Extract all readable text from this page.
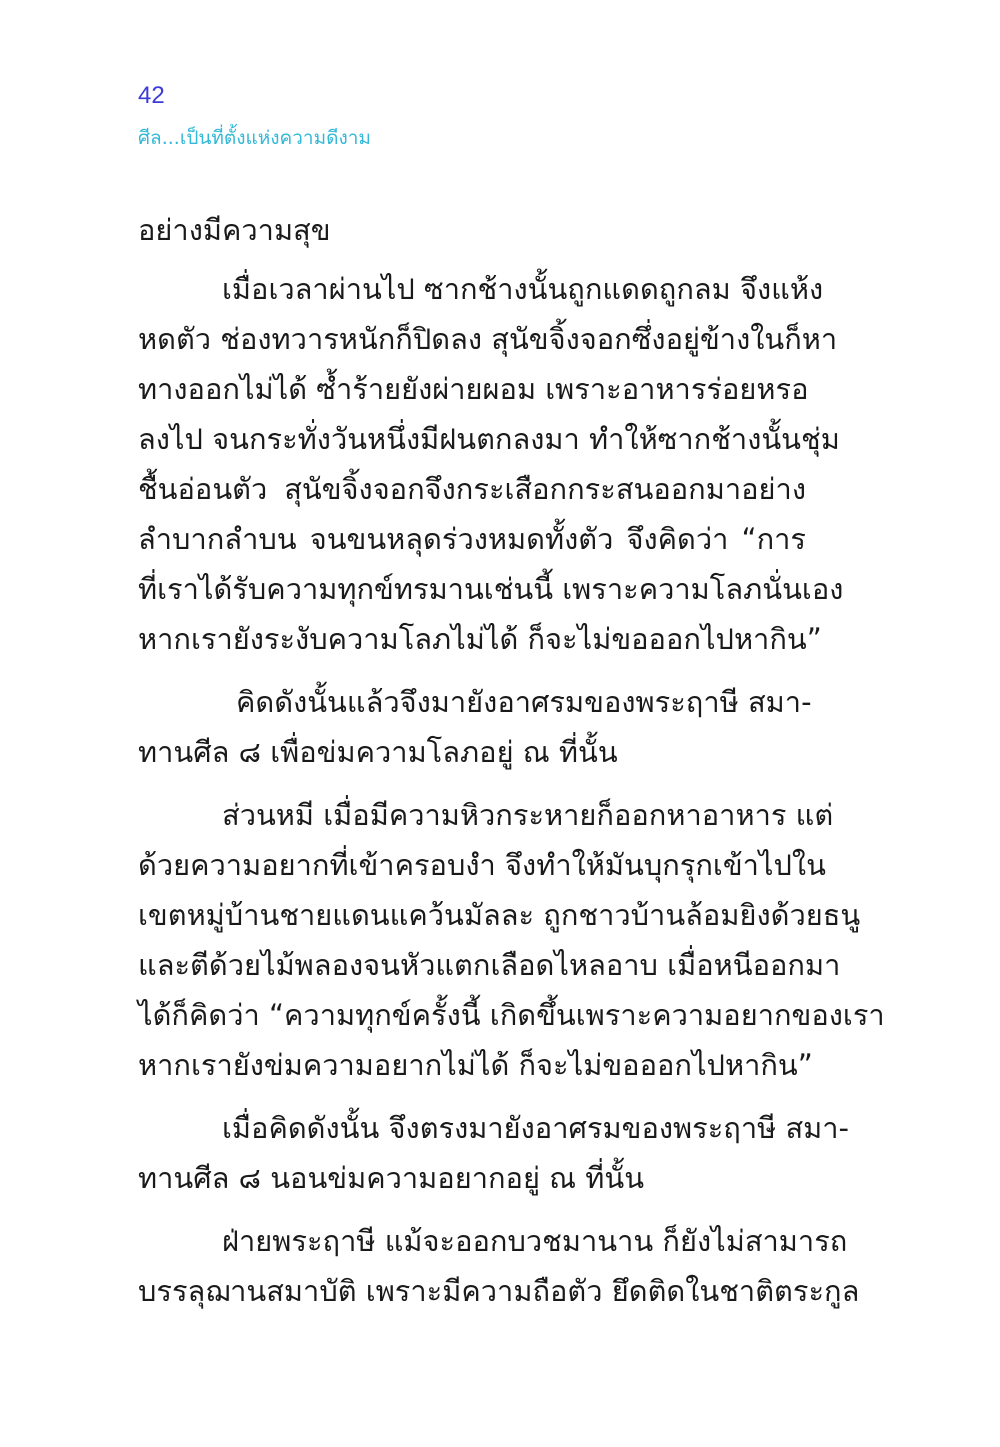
42
ศีล...เป็นที่ตั้งแห่งความดีงาม
อย่างมีความสุข
เมื่อเวลาผ่านไป ซากช้างนั้นถูกแดดถูกลม จึงแห้ง
หดตัว ช่องทวารหนักก็ปิดลง สุนัขจิ้งจอกซึ่งอยู่ข้างในก็หา
ทางออกไม่ได้ ซ้ำร้ายยังผ่ายผอม เพราะอาหารร่อยหรอ
ลงไป จนกระทั่งวันหนึ่งมีฝนตกลงมา ทำให้ซากช้างนั้นชุ่ม
ชื้นอ่อนตัว สุนัขจิ้งจอกจึงกระเสือกกระสนออกมาอย่าง
ลำบากลำบน จนขนหลุดร่วงหมดทั้งตัว จึงคิดว่า “การ
ที่เราได้รับความทุกข์ทรมานเช่นนี้ เพราะความโลภนั่นเอง
หากเรายังระงับความโลภไม่ได้ ก็จะไม่ขอออกไปหากิน”
คิดดังนั้นแล้วจึงมายังอาศรมของพระฤาษี สมา-
ทานศีล ๘ เพื่อข่มความโลภอยู่ ณ ที่นั้น
ส่วนหมี เมื่อมีความหิวกระหายก็ออกหาอาหาร แต่
ด้วยความอยากที่เข้าครอบงำ จึงทำให้มันบุกรุกเข้าไปใน
เขตหมู่บ้านชายแดนแคว้นมัลละ ถูกชาวบ้านล้อมยิงด้วยธนู
และตีด้วยไม้พลองจนหัวแตกเลือดไหลอาบ เมื่อหนีออกมา
ได้ก็คิดว่า “ความทุกข์ครั้งนี้ เกิดขึ้นเพราะความอยากของเรา
หากเรายังข่มความอยากไม่ได้ ก็จะไม่ขอออกไปหากิน”
เมื่อคิดดังนั้น จึงตรงมายังอาศรมของพระฤาษี สมา-
ทานศีล ๘ นอนข่มความอยากอยู่ ณ ที่นั้น
ฝ่ายพระฤาษี แม้จะออกบวชมานาน ก็ยังไม่สามารถ
บรรลุฌานสมาบัติ เพราะมีความถือตัว ยึดติดในชาติตระกูล
